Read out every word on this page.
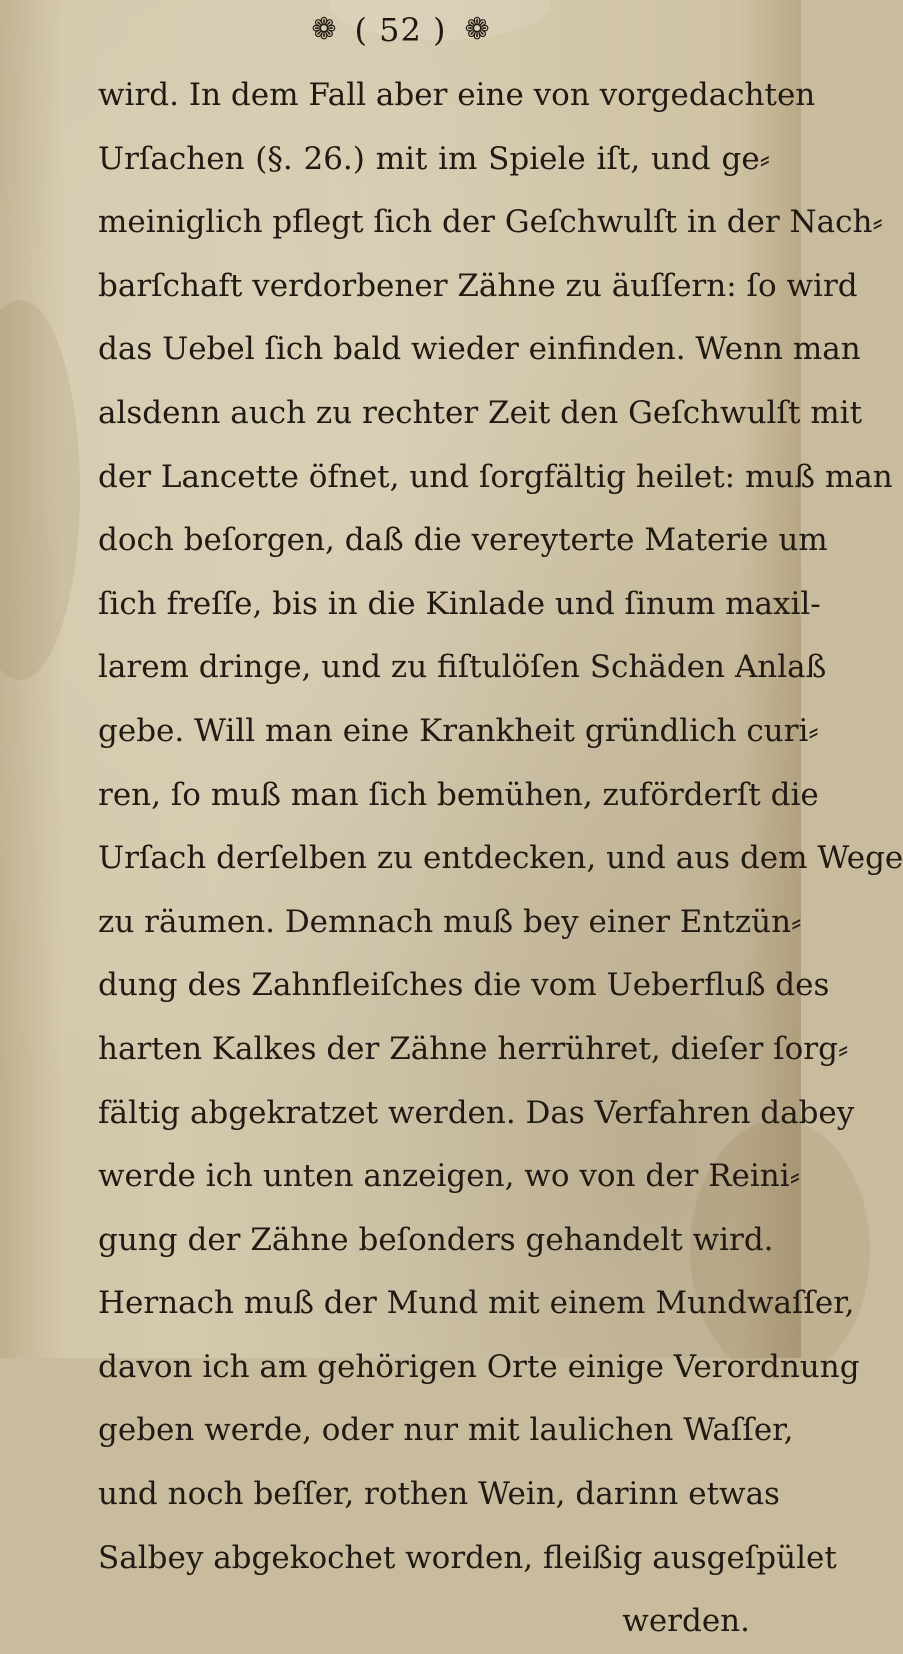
❁ ( 52 ) ❁
wird. In dem Fall aber eine von vorgedachten
Urſachen (§. 26.) mit im Spiele iſt, und ge⸗
meiniglich pflegt ſich der Geſchwulſt in der Nach⸗
barſchaft verdorbener Zähne zu äuſſern: ſo wird
das Uebel ſich bald wieder einfinden. Wenn man
alsdenn auch zu rechter Zeit den Geſchwulſt mit
der Lancette öfnet, und ſorgfältig heilet: muß man
doch beſorgen, daß die vereyterte Materie um
ſich freſſe, bis in die Kinlade und ſinum maxil-
larem dringe, und zu fiſtulöſen Schäden Anlaß
gebe. Will man eine Krankheit gründlich curi⸗
ren, ſo muß man ſich bemühen, zuförderſt die
Urſach derſelben zu entdecken, und aus dem Wege
zu räumen. Demnach muß bey einer Entzün⸗
dung des Zahnfleiſches die vom Ueberfluß des
harten Kalkes der Zähne herrühret, dieſer ſorg⸗
fältig abgekratzet werden. Das Verfahren dabey
werde ich unten anzeigen, wo von der Reini⸗
gung der Zähne beſonders gehandelt wird.
Hernach muß der Mund mit einem Mundwaſſer,
davon ich am gehörigen Orte einige Verordnung
geben werde, oder nur mit laulichen Waſſer,
und noch beſſer, rothen Wein, darinn etwas
Salbey abgekochet worden, fleißig ausgeſpület
werden.
